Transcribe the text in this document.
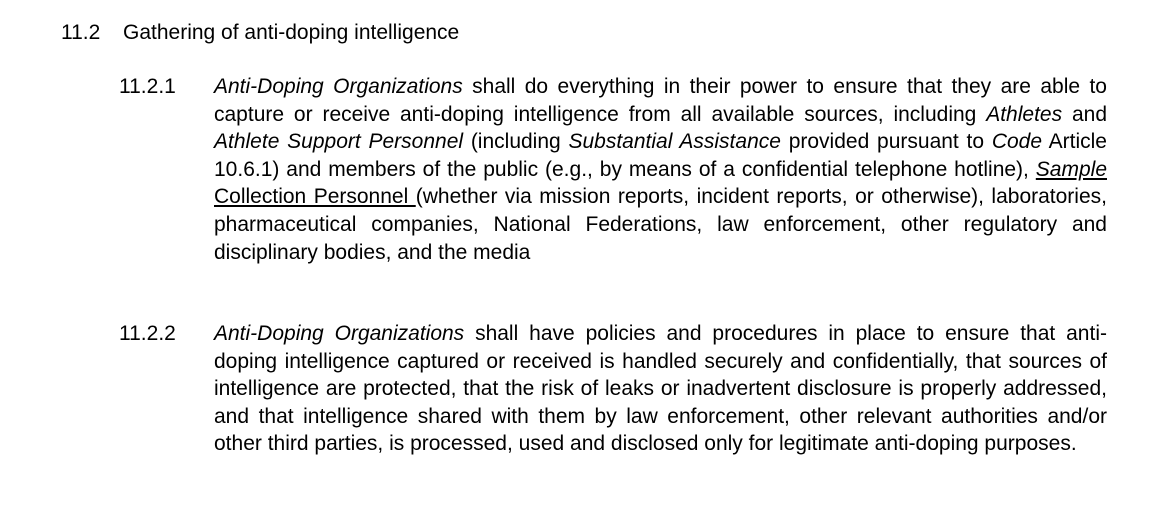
11.2 Gathering of anti-doping intelligence
11.2.1	Anti-Doping Organizations shall do everything in their power to ensure that they are able to capture or receive anti-doping intelligence from all available sources, including Athletes and Athlete Support Personnel (including Substantial Assistance provided pursuant to Code Article 10.6.1) and members of the public (e.g., by means of a confidential telephone hotline), Sample Collection Personnel (whether via mission reports, incident reports, or otherwise), laboratories, pharmaceutical companies, National Federations, law enforcement, other regulatory and disciplinary bodies, and the media
11.2.2	Anti-Doping Organizations shall have policies and procedures in place to ensure that anti-doping intelligence captured or received is handled securely and confidentially, that sources of intelligence are protected, that the risk of leaks or inadvertent disclosure is properly addressed, and that intelligence shared with them by law enforcement, other relevant authorities and/or other third parties, is processed, used and disclosed only for legitimate anti-doping purposes.
